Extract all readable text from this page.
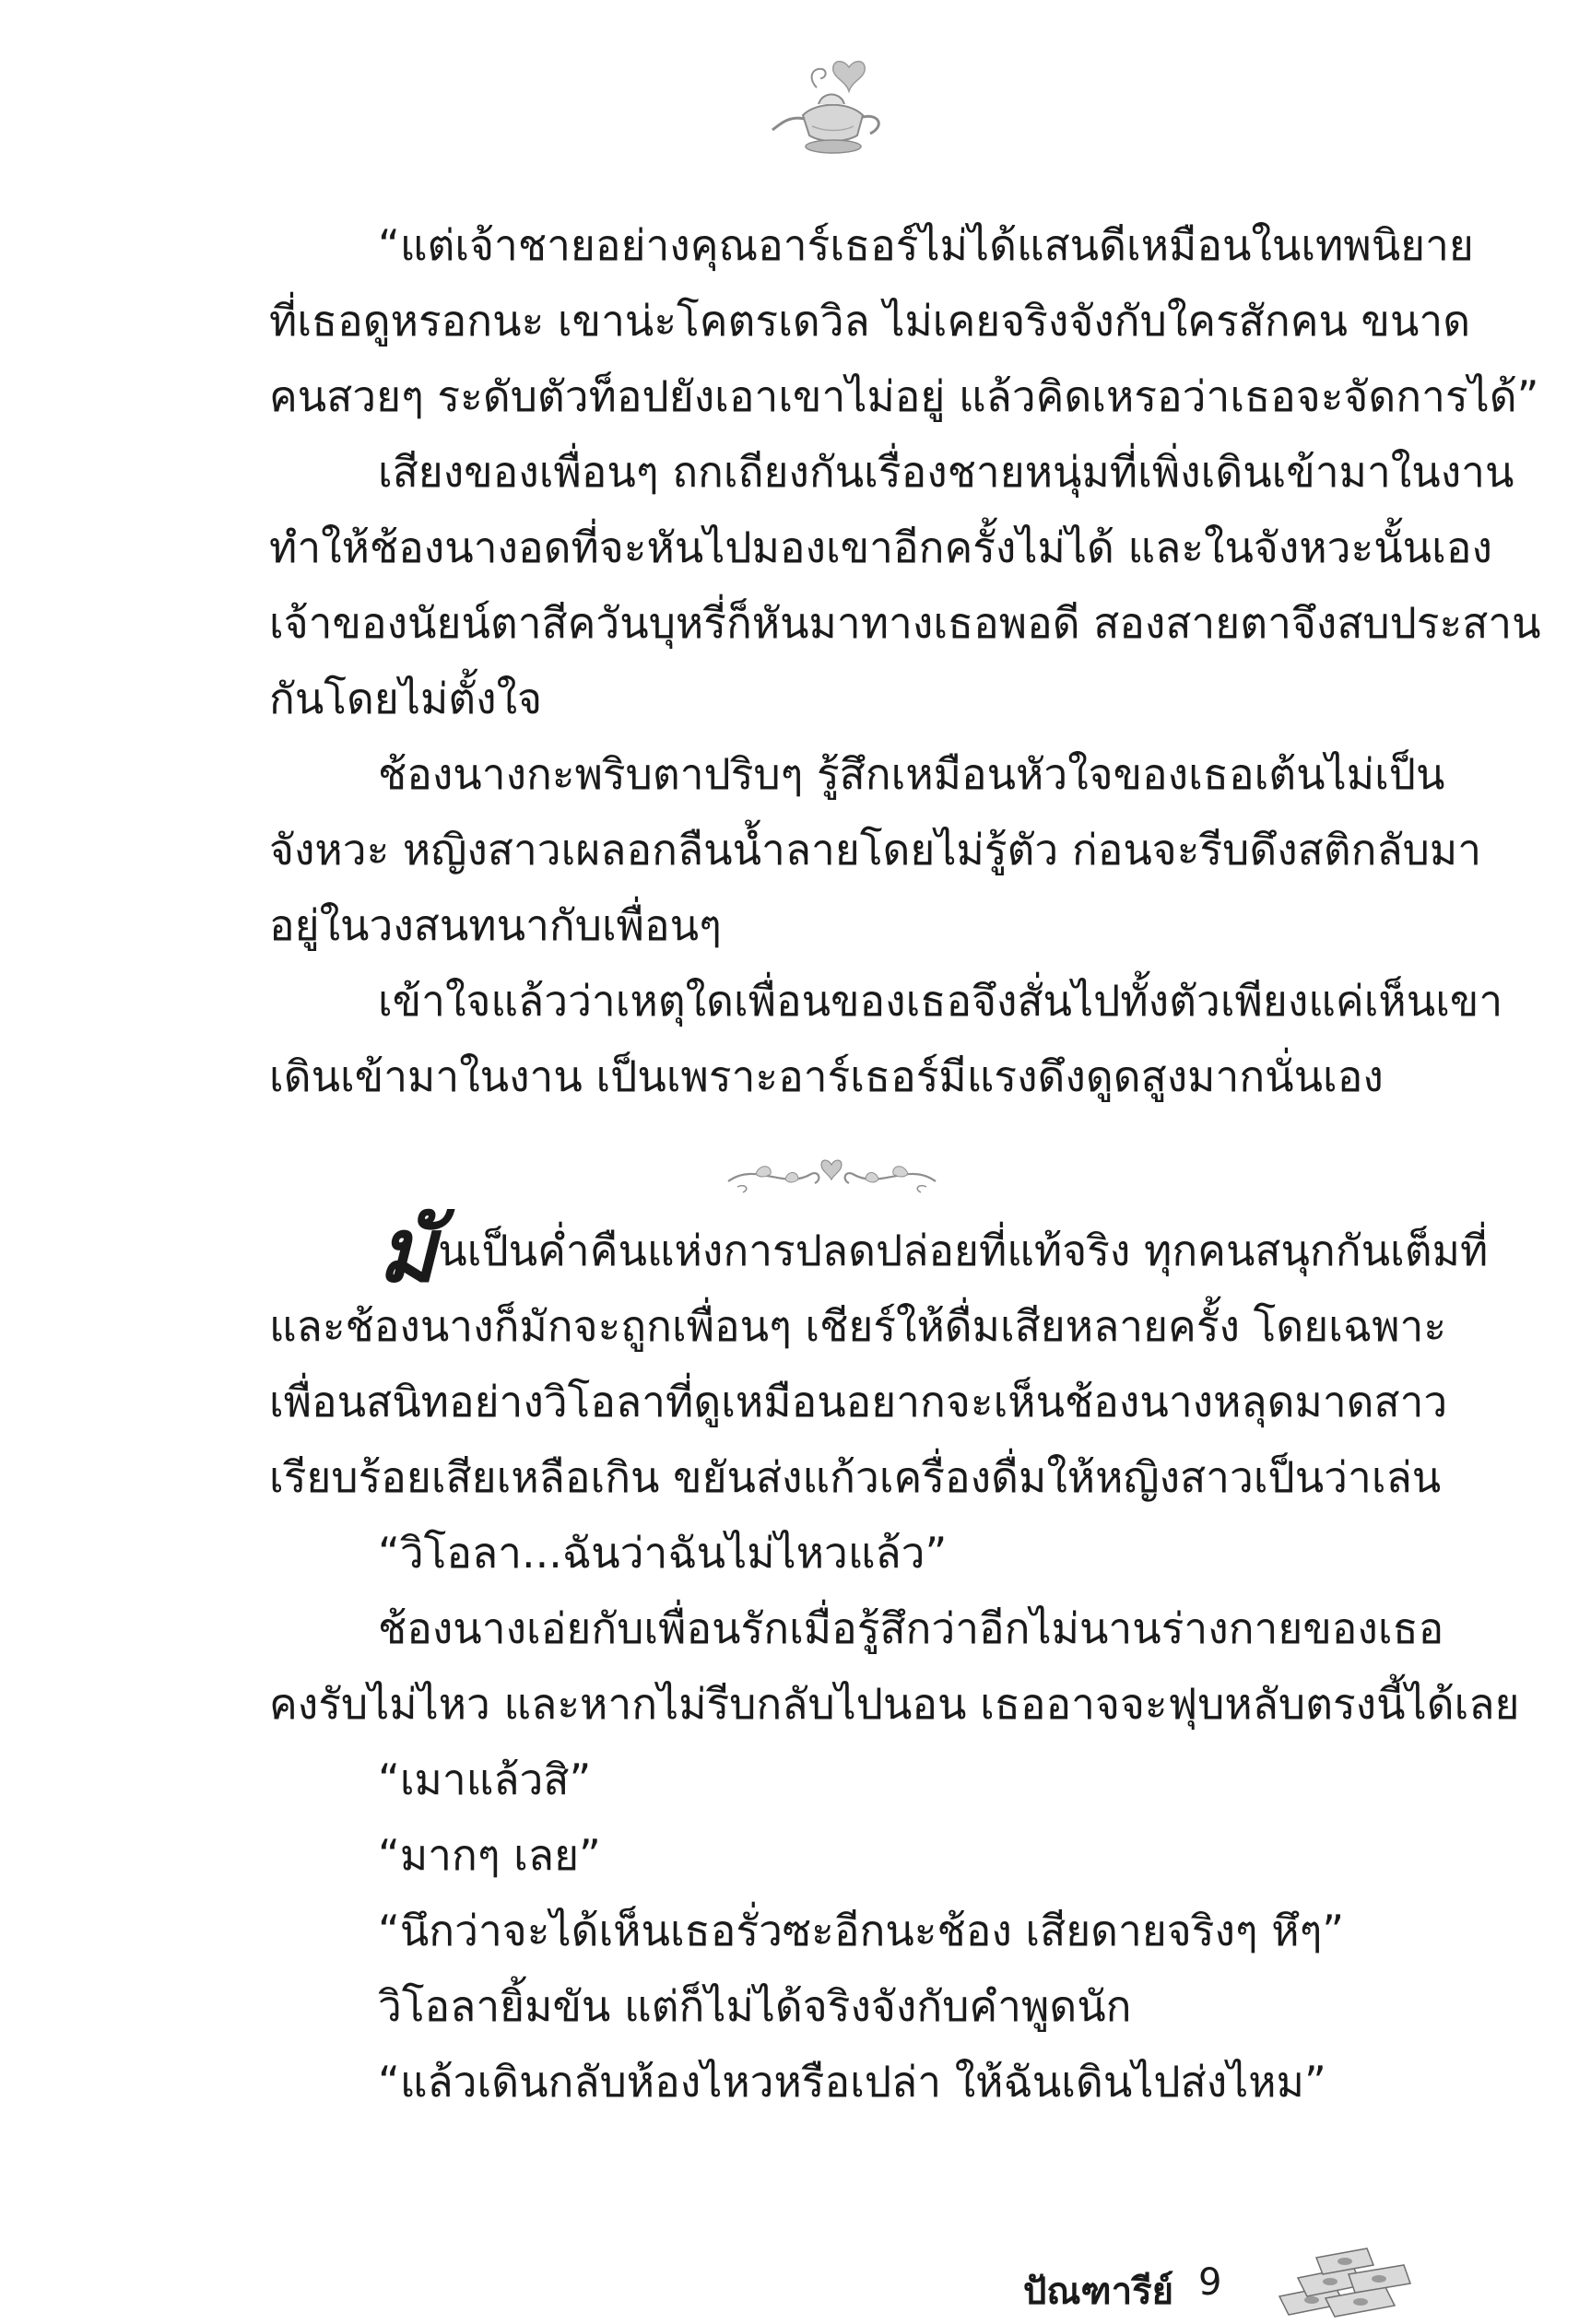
“แต่เจ้าชายอย่างคุณอาร์เธอร์ไม่ได้แสนดีเหมือนในเทพนิยาย
ที่เธอดูหรอกนะ เขาน่ะโคตรเดวิล ไม่เคยจริงจังกับใครสักคน ขนาด
คนสวยๆ ระดับตัวท็อปยังเอาเขาไม่อยู่ แล้วคิดเหรอว่าเธอจะจัดการได้”
เสียงของเพื่อนๆ ถกเถียงกันเรื่องชายหนุ่มที่เพิ่งเดินเข้ามาในงาน
ทำให้ช้องนางอดที่จะหันไปมองเขาอีกครั้งไม่ได้ และในจังหวะนั้นเอง
เจ้าของนัยน์ตาสีควันบุหรี่ก็หันมาทางเธอพอดี สองสายตาจึงสบประสาน
กันโดยไม่ตั้งใจ
ช้องนางกะพริบตาปริบๆ รู้สึกเหมือนหัวใจของเธอเต้นไม่เป็น
จังหวะ หญิงสาวเผลอกลืนน้ำลายโดยไม่รู้ตัว ก่อนจะรีบดึงสติกลับมา
อยู่ในวงสนทนากับเพื่อนๆ
เข้าใจแล้วว่าเหตุใดเพื่อนของเธอจึงสั่นไปทั้งตัวเพียงแค่เห็นเขา
เดินเข้ามาในงาน เป็นเพราะอาร์เธอร์มีแรงดึงดูดสูงมากนั่นเอง
มันเป็นค่ำคืนแห่งการปลดปล่อยที่แท้จริง ทุกคนสนุกกันเต็มที่
และช้องนางก็มักจะถูกเพื่อนๆ เชียร์ให้ดื่มเสียหลายครั้ง โดยเฉพาะ
เพื่อนสนิทอย่างวิโอลาที่ดูเหมือนอยากจะเห็นช้องนางหลุดมาดสาว
เรียบร้อยเสียเหลือเกิน ขยันส่งแก้วเครื่องดื่มให้หญิงสาวเป็นว่าเล่น
“วิโอลา...ฉันว่าฉันไม่ไหวแล้ว”
ช้องนางเอ่ยกับเพื่อนรักเมื่อรู้สึกว่าอีกไม่นานร่างกายของเธอ
คงรับไม่ไหว และหากไม่รีบกลับไปนอน เธออาจจะฟุบหลับตรงนี้ได้เลย
“เมาแล้วสิ”
“มากๆ เลย”
“นึกว่าจะได้เห็นเธอรั่วซะอีกนะช้อง เสียดายจริงๆ หึๆ”
วิโอลายิ้มขัน แต่ก็ไม่ได้จริงจังกับคำพูดนัก
“แล้วเดินกลับห้องไหวหรือเปล่า ให้ฉันเดินไปส่งไหม”
ปัณฑารีย์ 9
